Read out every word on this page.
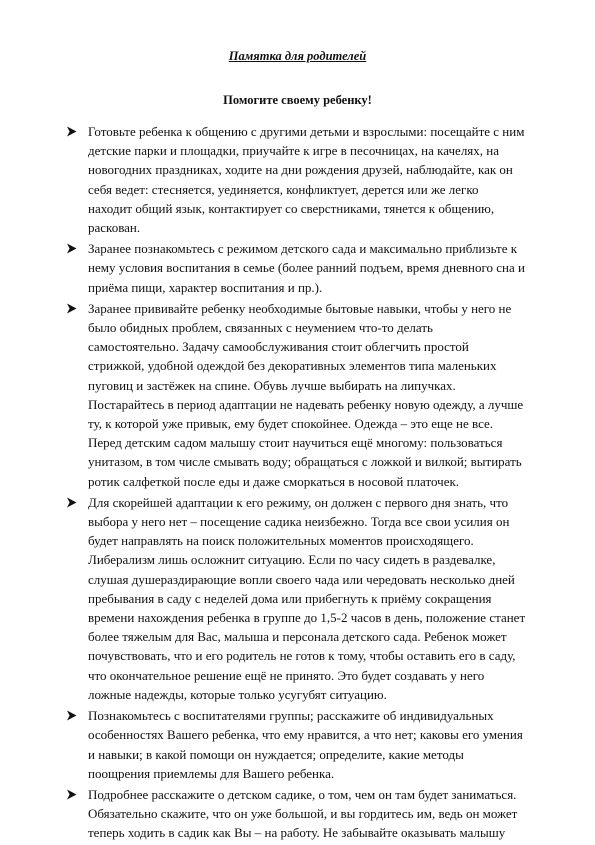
Памятка для родителей
Помогите своему ребенку!
Готовьте ребенка к общению с другими детьми и взрослыми: посещайте с ним
детские парки и площадки, приучайте к игре в песочницах, на качелях, на
новогодних праздниках, ходите на дни рождения друзей, наблюдайте, как он
себя ведет: стесняется, уединяется, конфликтует, дерется или же легко
находит общий язык, контактирует со сверстниками, тянется к общению,
раскован.
Заранее познакомьтесь с режимом детского сада и максимально приблизьте к
нему условия воспитания в семье (более ранний подъем, время дневного сна и
приёма пищи, характер воспитания и пр.).
Заранее прививайте ребенку необходимые бытовые навыки, чтобы у него не
было обидных проблем, связанных с неумением что-то делать
самостоятельно. Задачу самообслуживания стоит облегчить простой
стрижкой, удобной одеждой без декоративных элементов типа маленьких
пуговиц и застёжек на спине. Обувь лучше выбирать на липучках.
Постарайтесь в период адаптации не надевать ребенку новую одежду, а лучше
ту, к которой уже привык, ему будет спокойнее. Одежда – это еще не все.
Перед детским садом малышу стоит научиться ещё многому: пользоваться
унитазом, в том числе смывать воду; обращаться с ложкой и вилкой; вытирать
ротик салфеткой после еды и даже сморкаться в носовой платочек.
Для скорейшей адаптации к его режиму, он должен с первого дня знать, что
выбора у него нет – посещение садика неизбежно. Тогда все свои усилия он
будет направлять на поиск положительных моментов происходящего.
Либерализм лишь осложнит ситуацию. Если по часу сидеть в раздевалке,
слушая душераздирающие вопли своего чада или чередовать несколько дней
пребывания в саду с неделей дома или прибегнуть к приёму сокращения
времени нахождения ребенка в группе до 1,5-2 часов в день, положение станет
более тяжелым для Вас, малыша и персонала детского сада. Ребенок может
почувствовать, что и его родитель не готов к тому, чтобы оставить его в саду,
что окончательное решение ещё не принято. Это будет создавать у него
ложные надежды, которые только усугубят ситуацию.
Познакомьтесь с воспитателями группы; расскажите об индивидуальных
особенностях Вашего ребенка, что ему нравится, а что нет; каковы его умения
и навыки; в какой помощи он нуждается; определите, какие методы
поощрения приемлемы для Вашего ребенка.
Подробнее расскажите о детском садике, о том, чем он там будет заниматься.
Обязательно скажите, что он уже большой, и вы гордитесь им, ведь он может
теперь ходить в садик как Вы – на работу. Не забывайте оказывать малышу
